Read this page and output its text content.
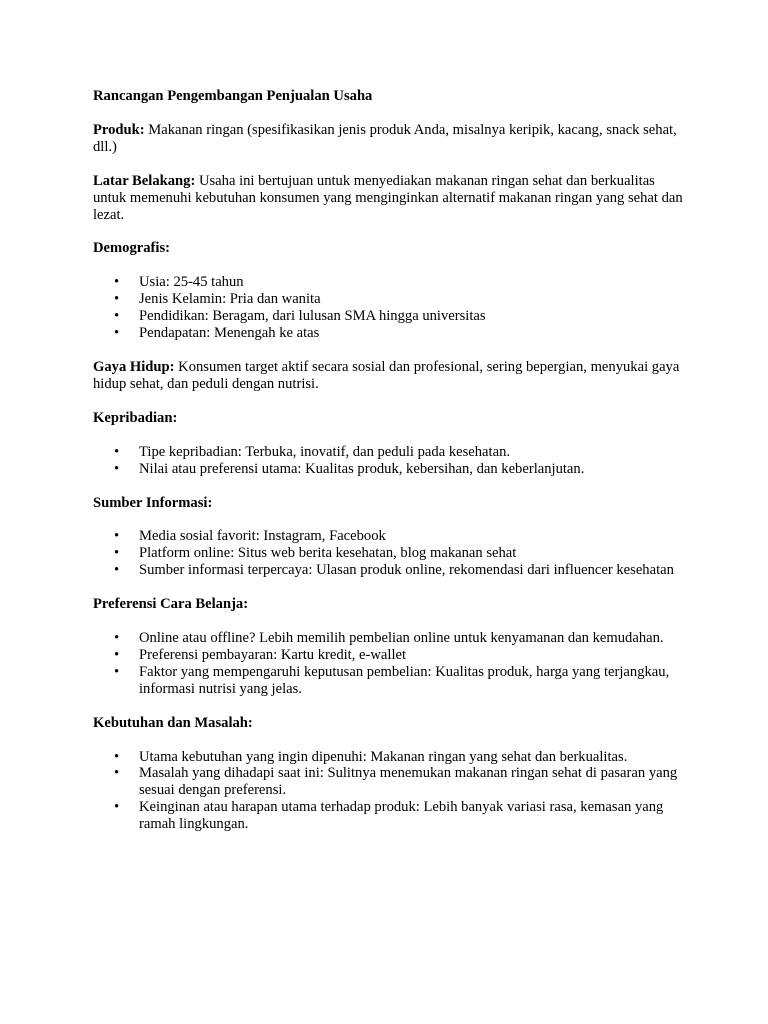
Rancangan Pengembangan Penjualan Usaha

Produk: Makanan ringan (spesifikasikan jenis produk Anda, misalnya keripik, kacang, snack sehat, dll.)

Latar Belakang: Usaha ini bertujuan untuk menyediakan makanan ringan sehat dan berkualitas untuk memenuhi kebutuhan konsumen yang menginginkan alternatif makanan ringan yang sehat dan lezat.

Demografis:
• Usia: 25-45 tahun
• Jenis Kelamin: Pria dan wanita
• Pendidikan: Beragam, dari lulusan SMA hingga universitas
• Pendapatan: Menengah ke atas

Gaya Hidup: Konsumen target aktif secara sosial dan profesional, sering bepergian, menyukai gaya hidup sehat, dan peduli dengan nutrisi.

Kepribadian:
• Tipe kepribadian: Terbuka, inovatif, dan peduli pada kesehatan.
• Nilai atau preferensi utama: Kualitas produk, kebersihan, dan keberlanjutan.
Sumber Informasi:
• Media sosial favorit: Instagram, Facebook
• Platform online: Situs web berita kesehatan, blog makanan sehat
• Sumber informasi terpercaya: Ulasan produk online, rekomendasi dari influencer kesehatan
Preferensi Cara Belanja:
• Online atau offline? Lebih memilih pembelian online untuk kenyamanan dan kemudahan.
• Preferensi pembayaran: Kartu kredit, e-wallet
• Faktor yang mempengaruhi keputusan pembelian: Kualitas produk, harga yang terjangkau, informasi nutrisi yang jelas.
Kebutuhan dan Masalah:
• Utama kebutuhan yang ingin dipenuhi: Makanan ringan yang sehat dan berkualitas.
• Masalah yang dihadapi saat ini: Sulitnya menemukan makanan ringan sehat di pasaran yang sesuai dengan preferensi.
• Keinginan atau harapan utama terhadap produk: Lebih banyak variasi rasa, kemasan yang ramah lingkungan.
